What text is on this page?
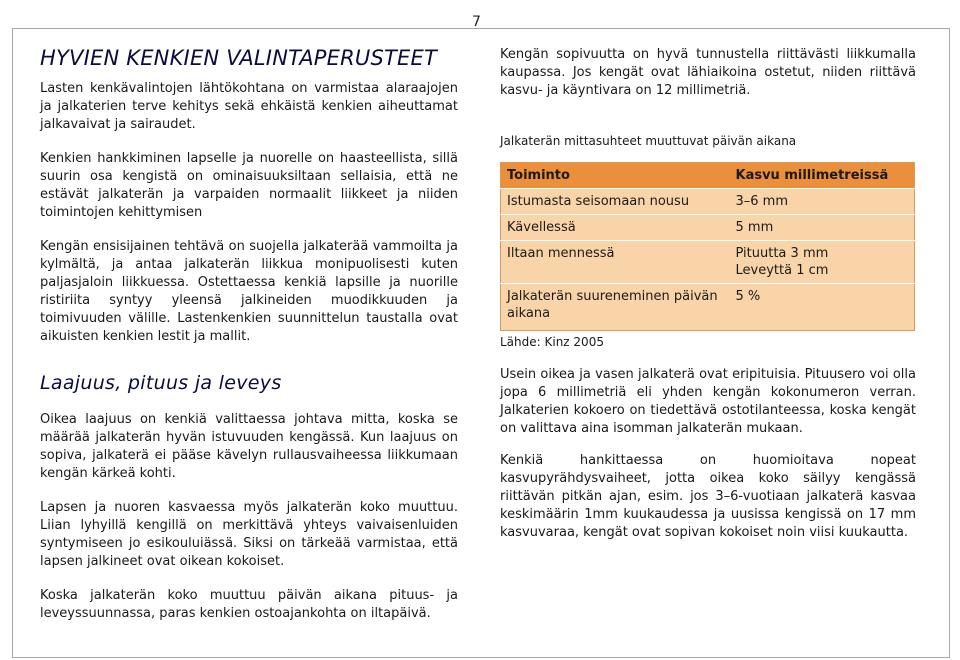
7
HYVIEN KENKIEN VALINTAPERUSTEET

Lasten kenkävalintojen lähtökohtana on varmistaa alaraajojen ja jalkaterien terve kehitys sekä ehkäistä kenkien aiheuttamat jalkavaivat ja sairaudet.

Kenkien hankkiminen lapselle ja nuorelle on haasteellista, sillä suurin osa kengistä on ominaisuuksiltaan sellaisia, että ne estävät jalkaterän ja varpaiden normaalit liikkeet ja niiden toimintojen kehittymisen

Kengän ensisijainen tehtävä on suojella jalkaterää vammoilta ja kylmältä, ja antaa jalkaterän liikkua monipuolisesti kuten paljasjaloin liikkuessa. Ostettaessa kenkiä lapsille ja nuorille ristiriita syntyy yleensä jalkineiden muodikkuuden ja toimivuuden välille. Lastenkenkien suunnittelun taustalla ovat aikuisten kenkien lestit ja mallit.

Laajuus, pituus ja leveys

Oikea laajuus on kenkiä valittaessa johtava mitta, koska se määrää jalkaterän hyvän istuvuuden kengässä. Kun laajuus on sopiva, jalkaterä ei pääse kävelyn rullausvaiheessa liikkumaan kengän kärkeä kohti.

Lapsen ja nuoren kasvaessa myös jalkaterän koko muuttuu. Liian lyhyillä kengillä on merkittävä yhteys vaivaisenluiden syntymiseen jo esikouluiässä. Siksi on tärkeää varmistaa, että lapsen jalkineet ovat oikean kokoiset.

Koska jalkaterän koko muuttuu päivän aikana pituus- ja leveyssuunnassa, paras kenkien ostoajankohta on iltapäivä.

Kengän sopivuutta on hyvä tunnustella riittävästi liikkumalla kaupassa. Jos kengät ovat lähiaikoina ostetut, niiden riittävä kasvu- ja käyntivara on 12 millimetriä.

Jalkaterän mittasuhteet muuttuvat päivän aikana

Toiminto	Kasvu millimetreissä
Istumasta seisomaan nousu	3–6 mm
Kävellessä	5 mm
Iltaan mennessä	Pituutta 3 mm
Leveyttä 1 cm

Jalkaterän suureneminen päivän aikana	5 %
Lähde: Kinz 2005

Usein oikea ja vasen jalkaterä ovat eripituisia. Pituusero voi olla jopa 6 millimetriä eli yhden kengän kokonumeron verran. Jalkaterien kokoero on tiedettävä ostotilanteessa, koska kengät on valittava aina isomman jalkaterän mukaan.

Kenkiä hankittaessa on huomioitava nopeat kasvupyrähdysvaiheet, jotta oikea koko säilyy kengässä riittävän pitkän ajan, esim. jos 3–6-vuotiaan jalkaterä kasvaa keskimäärin 1mm kuukaudessa ja uusissa kengissä on 17 mm kasvuvaraa, kengät ovat sopivan kokoiset noin viisi kuukautta.
